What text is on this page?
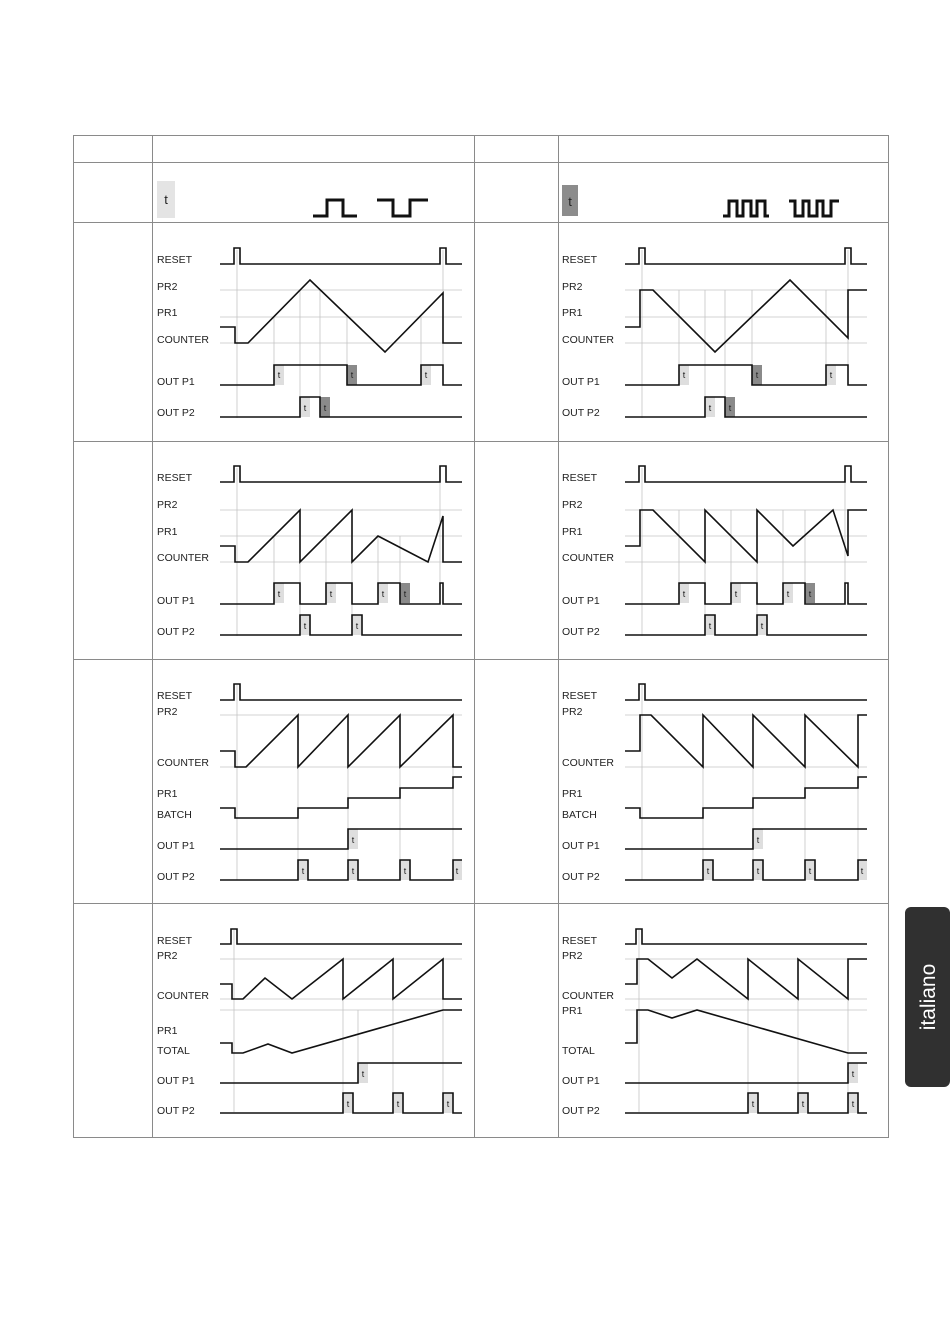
italiano
t	t
RESET
PR2
PR1
COUNTER
OUT P1
OUT P2
t	t	t
t t
RESET
PR2
PR1
COUNTER
OUT P1
OUT P2
t	t	t
t t
RESET
PR2
PR1
COUNTER
OUT P1
OUT P2
t	t	t t
t	t
RESET
PR2
PR1
COUNTER
OUT P1
OUT P2
t	t	t t
t	t
RESET
PR2
COUNTER
PR1
BATCH
OUT P1
OUT P2
t
t	t	t	t
RESET
PR2
COUNTER
PR1
BATCH
OUT P1
OUT P2
t
t	t	t	t
RESET
PR2
COUNTER
PR1
TOTAL
OUT P1
OUT P2
t
t	t	t
RESET
PR2
COUNTER
PR1
TOTAL
OUT P1
OUT P2
t
t	t	t
